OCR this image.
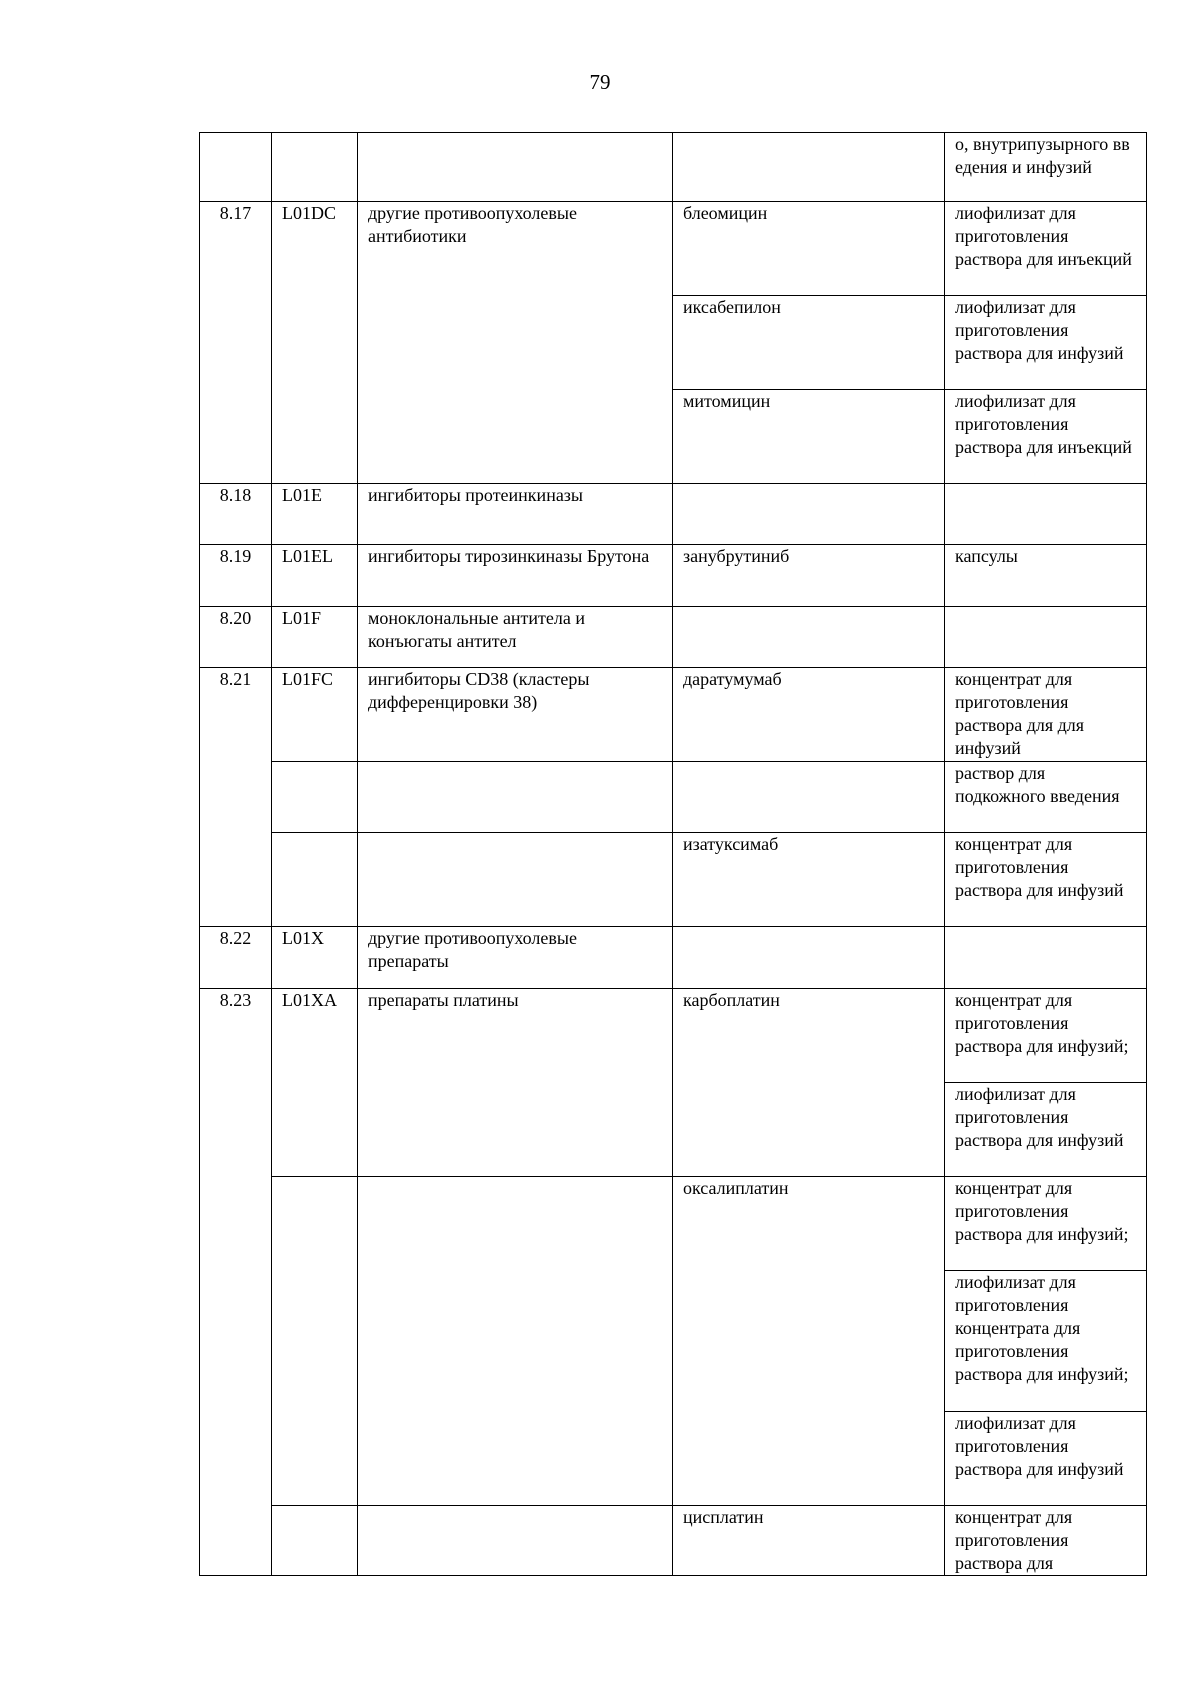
79

				о, внутрипузырного вв едения и инфузий

8.17	L01DC	другие противоопухолевые антибиотики	блеомицин	лиофилизат для приготовления раствора для инъекций
			иксабепилон	лиофилизат для приготовления раствора для инфузий
			митомицин	лиофилизат для приготовления раствора для инъекций
8.18	L01E	ингибиторы протеинкиназы		
8.19	L01EL	ингибиторы тирозинкиназы Брутона	занубрутиниб	капсулы
8.20	L01F	моноклональные антитела и конъюгаты антител		
8.21	L01FC	ингибиторы CD38 (кластеры дифференцировки 38)	даратумумаб	концентрат для приготовления раствора для для инфузий
				раствор для подкожного введения
			изатуксимаб	концентрат для приготовления раствора для инфузий
8.22	L01X	другие противоопухолевые препараты		
8.23	L01XA	препараты платины	карбоплатин	концентрат для приготовления раствора для инфузий;
				лиофилизат для приготовления раствора для инфузий
			оксалиплатин	концентрат для приготовления раствора для инфузий;
				лиофилизат для приготовления концентрата для приготовления раствора для инфузий;
				лиофилизат для приготовления раствора для инфузий
			цисплатин	концентрат для приготовления раствора для
